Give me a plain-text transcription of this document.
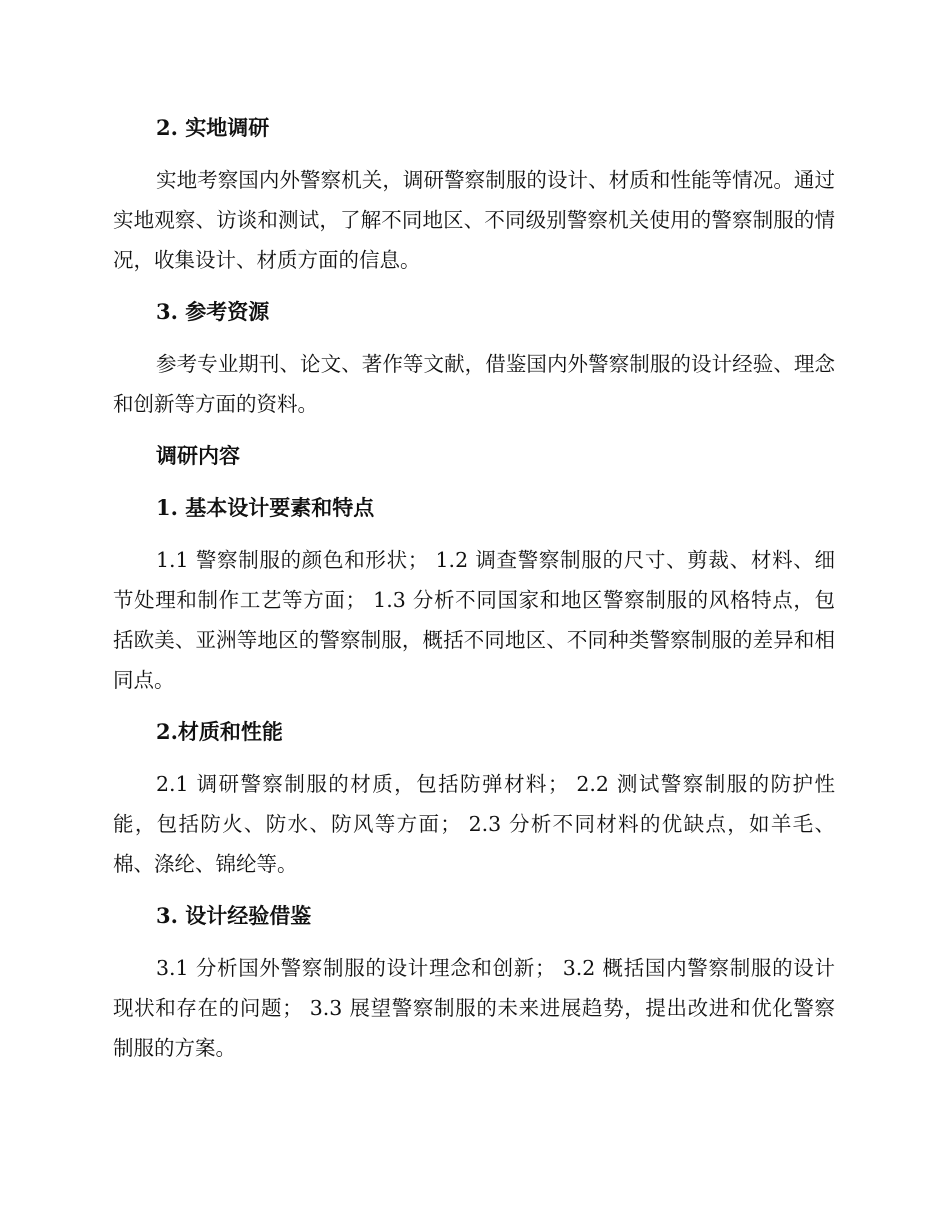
2. 实地调研

实地考察国内外警察机关，调研警察制服的设计、材质和性能等情况。通过实地观察、访谈和测试，了解不同地区、不同级别警察机关使用的警察制服的情况，收集设计、材质方面的信息。

3. 参考资源

参考专业期刊、论文、著作等文献，借鉴国内外警察制服的设计经验、理念和创新等方面的资料。

调研内容
1. 基本设计要素和特点

1.1 警察制服的颜色和形状； 1.2 调查警察制服的尺寸、剪裁、材料、细节处理和制作工艺等方面； 1.3 分析不同国家和地区警察制服的风格特点，包括欧美、亚洲等地区的警察制服，概括不同地区、不同种类警察制服的差异和相同点。

2.材质和性能

2.1 调研警察制服的材质，包括防弹材料； 2.2 测试警察制服的防护性能，包括防火、防水、防风等方面； 2.3 分析不同材料的优缺点，如羊毛、棉、涤纶、锦纶等。

3. 设计经验借鉴

3.1 分析国外警察制服的设计理念和创新； 3.2 概括国内警察制服的设计现状和存在的问题； 3.3 展望警察制服的未来进展趋势，提出改进和优化警察制服的方案。
